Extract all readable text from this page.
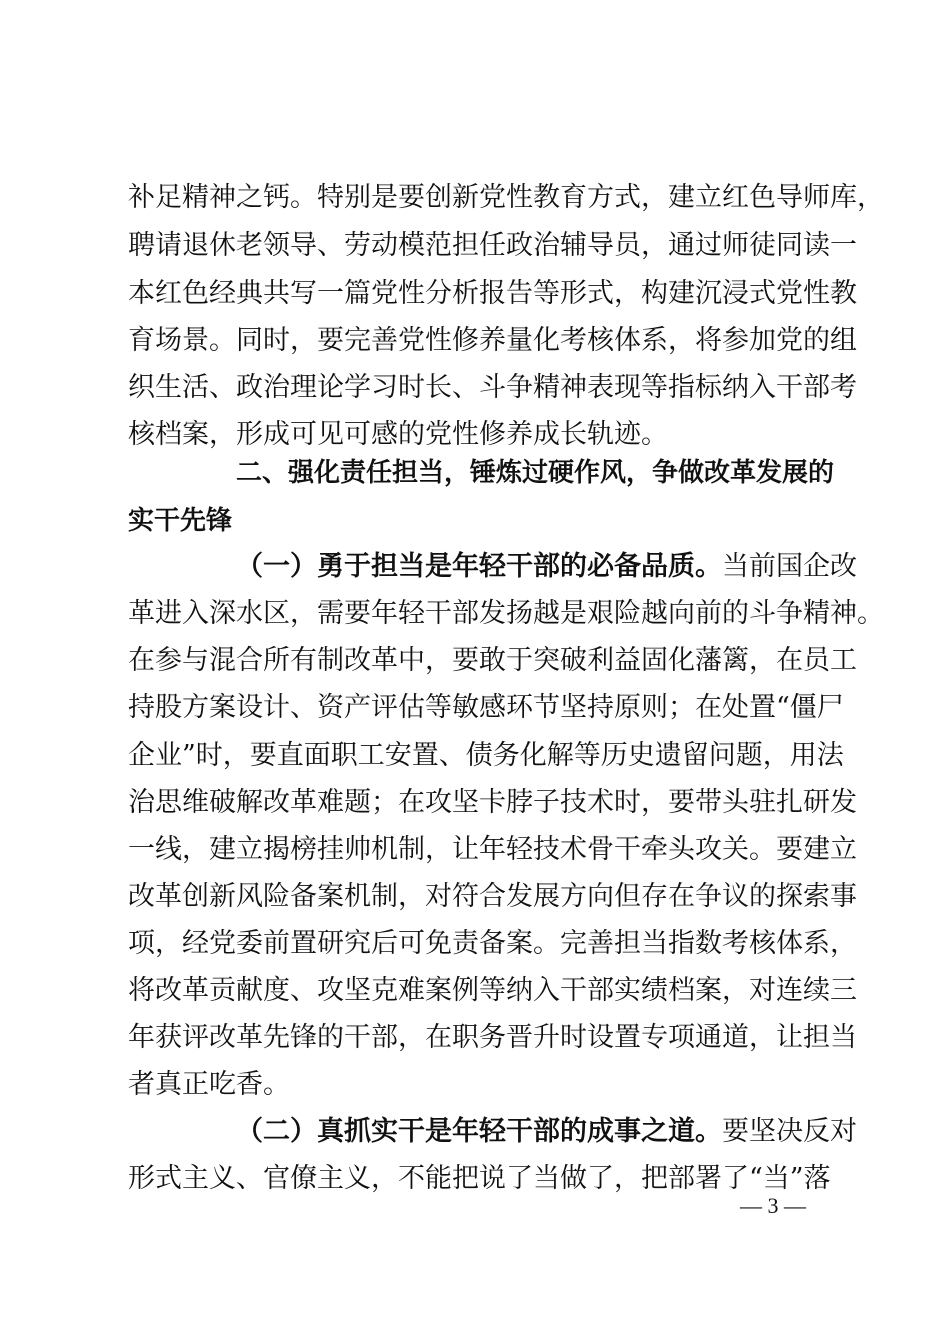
补足精神之钙。特别是要创新党性教育方式，建立红色导师库，
聘请退休老领导、劳动模范担任政治辅导员，通过师徒同读一
本红色经典共写一篇党性分析报告等形式，构建沉浸式党性教
育场景。同时，要完善党性修养量化考核体系，将参加党的组
织生活、政治理论学习时长、斗争精神表现等指标纳入干部考
核档案，形成可见可感的党性修养成长轨迹。
二、强化责任担当，锤炼过硬作风，争做改革发展的
实干先锋
（一）勇于担当是年轻干部的必备品质。当前国企改
革进入深水区，需要年轻干部发扬越是艰险越向前的斗争精神。
在参与混合所有制改革中，要敢于突破利益固化藩篱，在员工
持股方案设计、资产评估等敏感环节坚持原则；在处置“僵尸
企业”时，要直面职工安置、债务化解等历史遗留问题，用法
治思维破解改革难题；在攻坚卡脖子技术时，要带头驻扎研发
一线，建立揭榜挂帅机制，让年轻技术骨干牵头攻关。要建立
改革创新风险备案机制，对符合发展方向但存在争议的探索事
项，经党委前置研究后可免责备案。完善担当指数考核体系，
将改革贡献度、攻坚克难案例等纳入干部实绩档案，对连续三
年获评改革先锋的干部，在职务晋升时设置专项通道，让担当
者真正吃香。
（二）真抓实干是年轻干部的成事之道。要坚决反对
形式主义、官僚主义，不能把说了当做了，把部署了“当”落
— 3 —
